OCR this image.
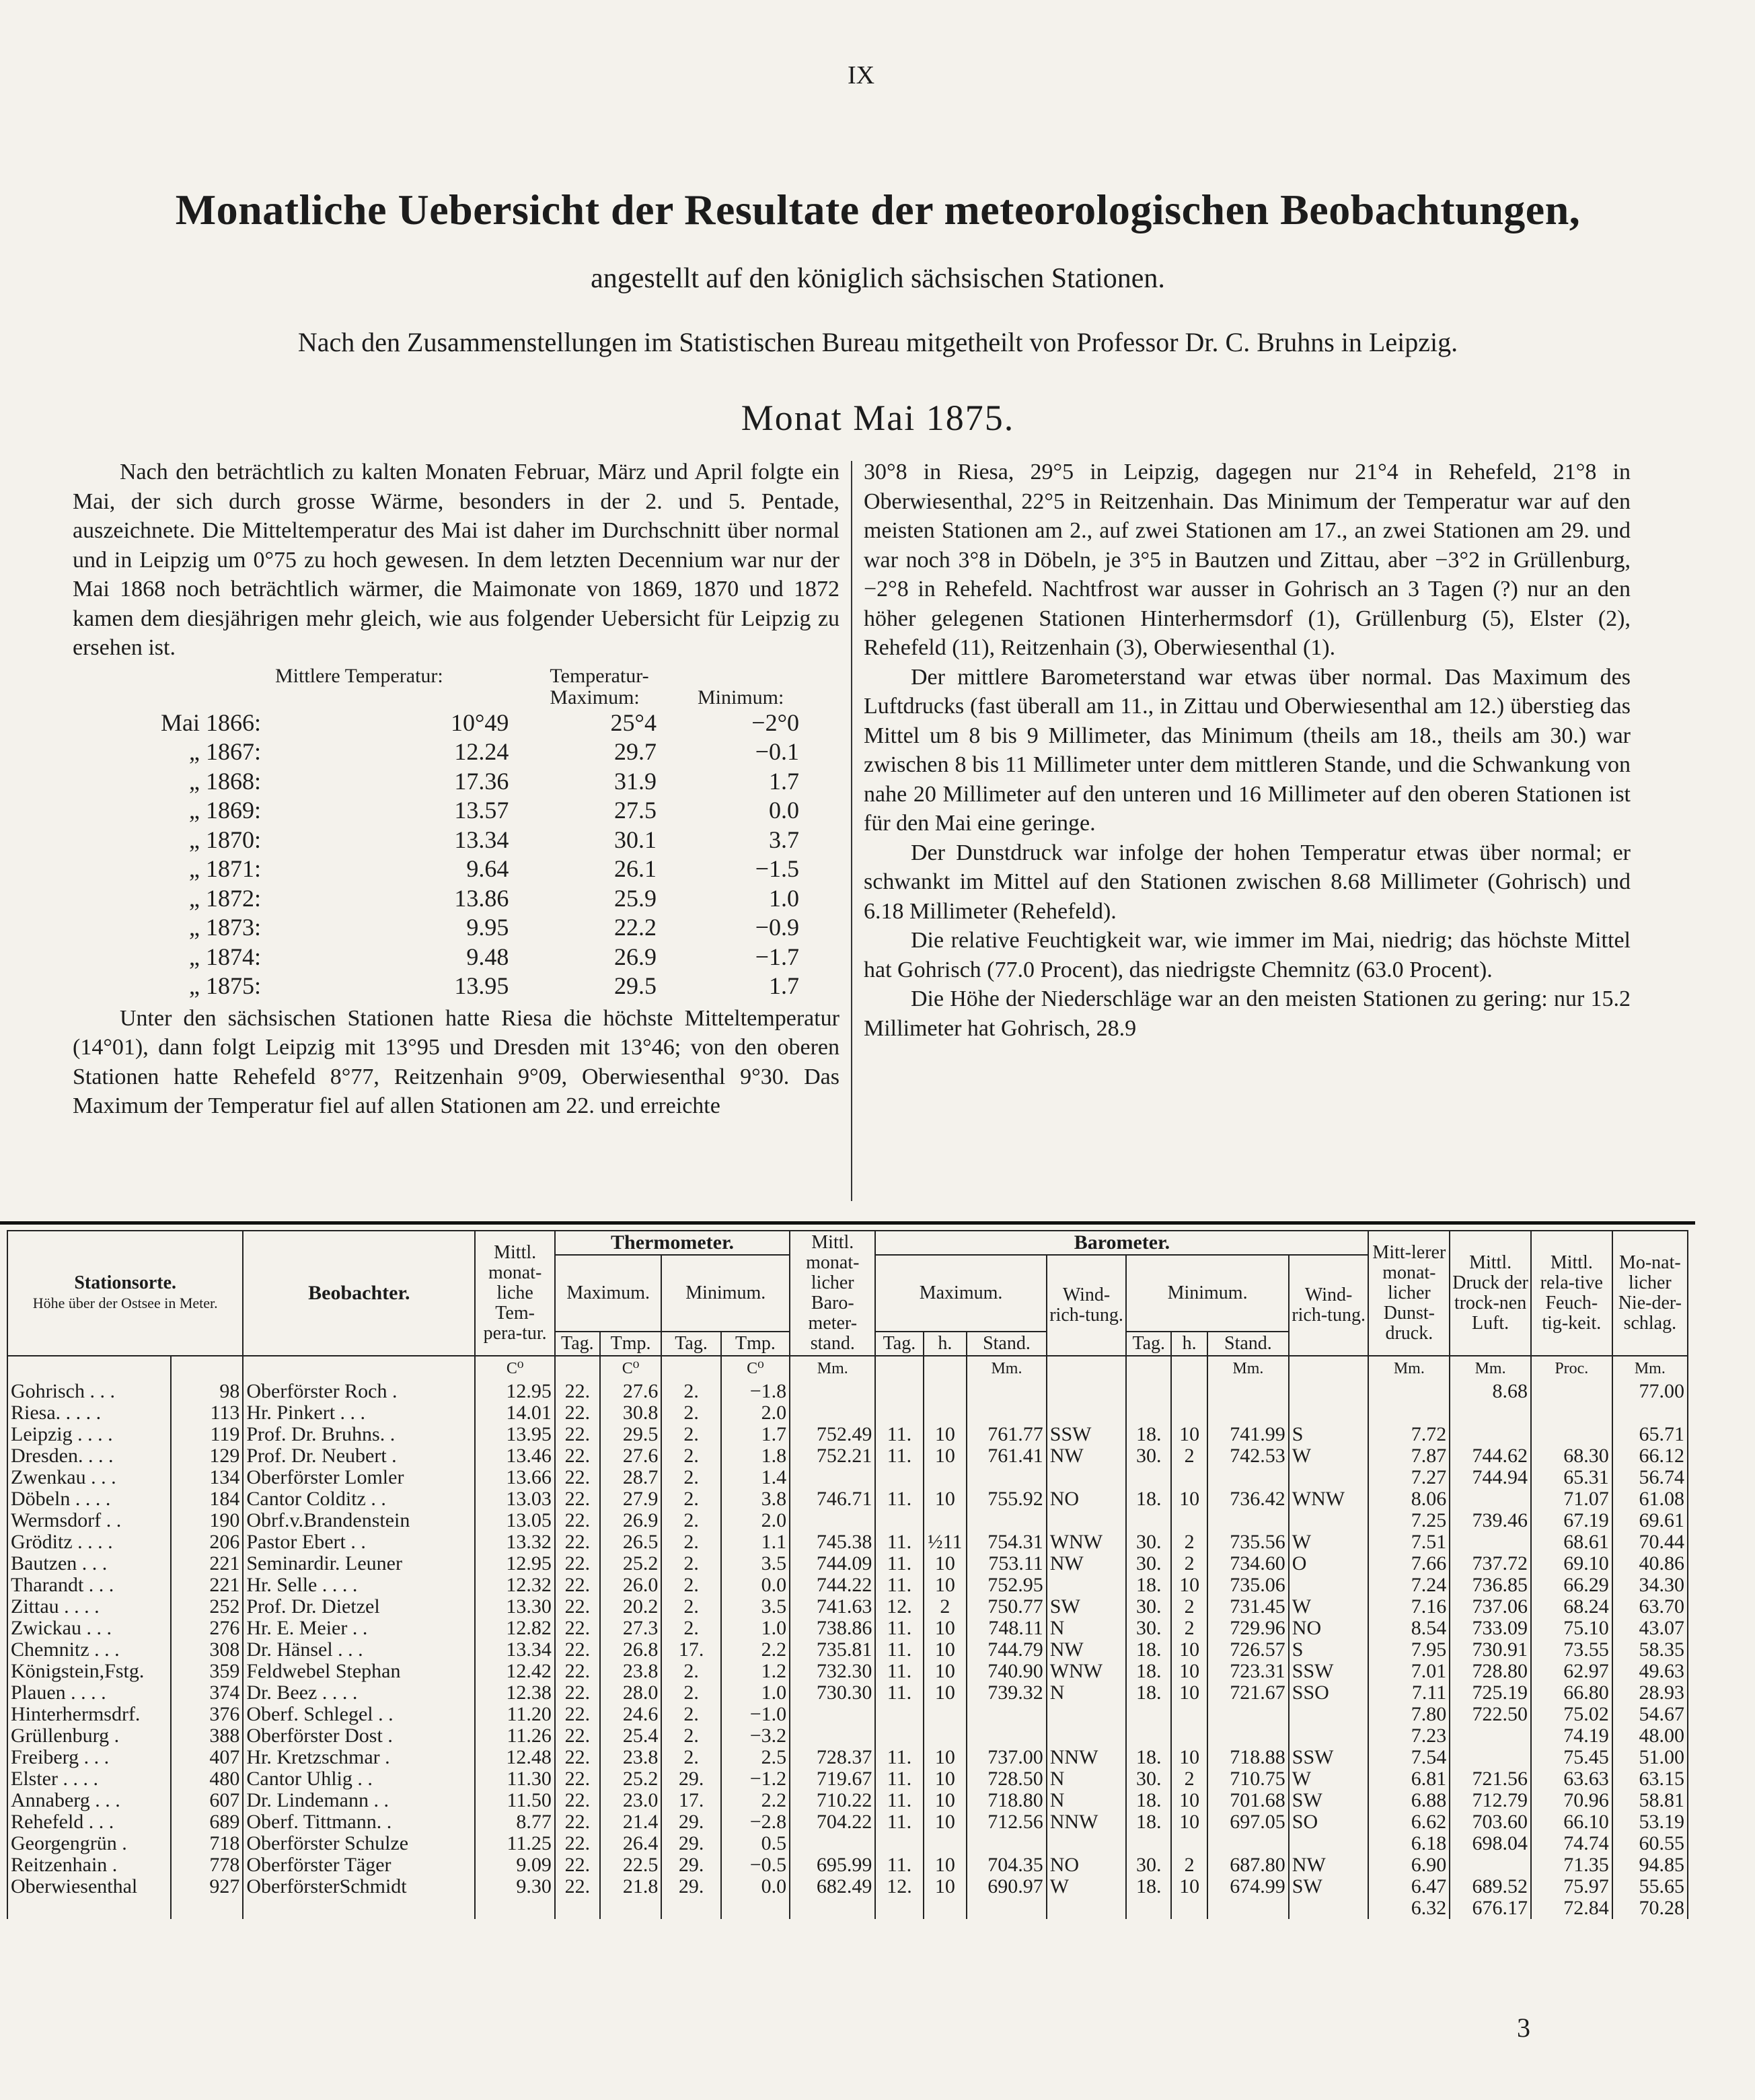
IX
Monatliche Uebersicht der Resultate der meteorologischen Beobachtungen,
angestellt auf den königlich sächsischen Stationen.
Nach den Zusammenstellungen im Statistischen Bureau mitgetheilt von Professor Dr. C. Bruhns in Leipzig.
Monat Mai 1875.

Nach den beträchtlich zu kalten Monaten Februar, März und April folgte ein Mai, der sich durch grosse Wärme, besonders in der 2. und 5. Pentade, auszeichnete. Die Mitteltemperatur des Mai ist daher im Durchschnitt über normal und in Leipzig um 0°75 zu hoch gewesen. In dem letzten Decennium war nur der Mai 1868 noch beträchtlich wärmer, die Maimonate von 1869, 1870 und 1872 kamen dem diesjährigen mehr gleich, wie aus folgender Uebersicht für Leipzig zu ersehen ist.

	Mittlere Temperatur:	Temperatur-	
		Maximum:	Minimum:
Mai 1866:	10°49	25°4	−2°0
„ 1867:	12.24	29.7	−0.1
„ 1868:	17.36	31.9	1.7
„ 1869:	13.57	27.5	0.0
„ 1870:	13.34	30.1	3.7
„ 1871:	9.64	26.1	−1.5
„ 1872:	13.86	25.9	1.0
„ 1873:	9.95	22.2	−0.9
„ 1874:	9.48	26.9	−1.7
„ 1875:	13.95	29.5	1.7

Unter den sächsischen Stationen hatte Riesa die höchste Mitteltemperatur (14°01), dann folgt Leipzig mit 13°95 und Dresden mit 13°46; von den oberen Stationen hatte Rehefeld 8°77, Reitzenhain 9°09, Oberwiesenthal 9°30. Das Maximum der Temperatur fiel auf allen Stationen am 22. und erreichte

30°8 in Riesa, 29°5 in Leipzig, dagegen nur 21°4 in Rehefeld, 21°8 in Oberwiesenthal, 22°5 in Reitzenhain. Das Minimum der Temperatur war auf den meisten Stationen am 2., auf zwei Stationen am 17., an zwei Stationen am 29. und war noch 3°8 in Döbeln, je 3°5 in Bautzen und Zittau, aber −3°2 in Grüllenburg, −2°8 in Rehefeld. Nachtfrost war ausser in Gohrisch an 3 Tagen (?) nur an den höher gelegenen Stationen Hinterhermsdorf (1), Grüllenburg (5), Elster (2), Rehefeld (11), Reitzenhain (3), Oberwiesenthal (1).

Der mittlere Barometerstand war etwas über normal. Das Maximum des Luftdrucks (fast überall am 11., in Zittau und Oberwiesenthal am 12.) überstieg das Mittel um 8 bis 9 Millimeter, das Minimum (theils am 18., theils am 30.) war zwischen 8 bis 11 Millimeter unter dem mittleren Stande, und die Schwankung von nahe 20 Millimeter auf den unteren und 16 Millimeter auf den oberen Stationen ist für den Mai eine geringe.

Der Dunstdruck war infolge der hohen Temperatur etwas über normal; er schwankt im Mittel auf den Stationen zwischen 8.68 Millimeter (Gohrisch) und 6.18 Millimeter (Rehefeld).

Die relative Feuchtigkeit war, wie immer im Mai, niedrig; das höchste Mittel hat Gohrisch (77.0 Procent), das niedrigste Chemnitz (63.0 Procent).

Die Höhe der Niederschläge war an den meisten Stationen zu gering: nur 15.2 Millimeter hat Gohrisch, 28.9

Stationsorte.
Höhe über der Ostsee in Meter.		Beobachter.	Mittl. monat-liche Tem-pera-tur.	Thermometer.				Mittl. monat-licher Baro-meter-stand.	Barometer.								Mitt-lerer monat-licher Dunst-druck.	Mittl. Druck der trock-nen Luft.	Mittl. rela-tive Feuch-tig-keit.	Mo-nat-licher Nie-der-schlag.
				Maximum.		Minimum.			Maximum.			Wind-rich-tung.	Minimum.			Wind-rich-tung.				
				Tag.	Tmp.	Tag.	Tmp.		Tag.	h.	Stand.		Tag.	h.	Stand.					
			C⁰		C⁰		C⁰	Mm.			Mm.				Mm.		Mm.	Mm.	Proc.	Mm.
Gohrisch . . .	98	Oberförster Roch .	12.95	22.	27.6	2.	−1.8											8.68		77.00
Riesa. . . . .	113	Hr. Pinkert . . .	14.01	22.	30.8	2.	2.0													
Leipzig . . . .	119	Prof. Dr. Bruhns. .	13.95	22.	29.5	2.	1.7	752.49	11.	10	761.77	SSW	18.	10	741.99	S	7.72			65.71
Dresden. . . .	129	Prof. Dr. Neubert .	13.46	22.	27.6	2.	1.8	752.21	11.	10	761.41	NW	30.	2	742.53	W	7.87	744.62	68.30	66.12
Zwenkau . . .	134	Oberförster Lomler	13.66	22.	28.7	2.	1.4										7.27	744.94	65.31	56.74
Döbeln . . . .	184	Cantor Colditz . .	13.03	22.	27.9	2.	3.8	746.71	11.	10	755.92	NO	18.	10	736.42	WNW	8.06		71.07	61.08
Wermsdorf . .	190	Obrf.v.Brandenstein	13.05	22.	26.9	2.	2.0										7.25	739.46	67.19	69.61
Gröditz . . . .	206	Pastor Ebert . .	13.32	22.	26.5	2.	1.1	745.38	11.	½11	754.31	WNW	30.	2	735.56	W	7.51		68.61	70.44
Bautzen . . .	221	Seminardir. Leuner	12.95	22.	25.2	2.	3.5	744.09	11.	10	753.11	NW	30.	2	734.60	O	7.66	737.72	69.10	40.86
Tharandt . . .	221	Hr. Selle . . . .	12.32	22.	26.0	2.	0.0	744.22	11.	10	752.95		18.	10	735.06		7.24	736.85	66.29	34.30
Zittau . . . .	252	Prof. Dr. Dietzel	13.30	22.	20.2	2.	3.5	741.63	12.	2	750.77	SW	30.	2	731.45	W	7.16	737.06	68.24	63.70
Zwickau . . .	276	Hr. E. Meier . .	12.82	22.	27.3	2.	1.0	738.86	11.	10	748.11	N	30.	2	729.96	NO	8.54	733.09	75.10	43.07
Chemnitz . . .	308	Dr. Hänsel . . .	13.34	22.	26.8	17.	2.2	735.81	11.	10	744.79	NW	18.	10	726.57	S	7.95	730.91	73.55	58.35
Königstein,Fstg.	359	Feldwebel Stephan	12.42	22.	23.8	2.	1.2	732.30	11.	10	740.90	WNW	18.	10	723.31	SSW	7.01	728.80	62.97	49.63
Plauen . . . .	374	Dr. Beez . . . .	12.38	22.	28.0	2.	1.0	730.30	11.	10	739.32	N	18.	10	721.67	SSO	7.11	725.19	66.80	28.93
Hinterhermsdrf.	376	Oberf. Schlegel . .	11.20	22.	24.6	2.	−1.0										7.80	722.50	75.02	54.67
Grüllenburg .	388	Oberförster Dost .	11.26	22.	25.4	2.	−3.2										7.23		74.19	48.00
Freiberg . . .	407	Hr. Kretzschmar .	12.48	22.	23.8	2.	2.5	728.37	11.	10	737.00	NNW	18.	10	718.88	SSW	7.54		75.45	51.00
Elster . . . .	480	Cantor Uhlig . .	11.30	22.	25.2	29.	−1.2	719.67	11.	10	728.50	N	30.	2	710.75	W	6.81	721.56	63.63	63.15
Annaberg . . .	607	Dr. Lindemann . .	11.50	22.	23.0	17.	2.2	710.22	11.	10	718.80	N	18.	10	701.68	SW	6.88	712.79	70.96	58.81
Rehefeld . . .	689	Oberf. Tittmann. .	8.77	22.	21.4	29.	−2.8	704.22	11.	10	712.56	NNW	18.	10	697.05	SO	6.62	703.60	66.10	53.19
Georgengrün .	718	Oberförster Schulze	11.25	22.	26.4	29.	0.5										6.18	698.04	74.74	60.55
Reitzenhain .	778	Oberförster Täger	9.09	22.	22.5	29.	−0.5	695.99	11.	10	704.35	NO	30.	2	687.80	NW	6.90		71.35	94.85
Oberwiesenthal	927	OberförsterSchmidt	9.30	22.	21.8	29.	0.0	682.49	12.	10	690.97	W	18.	10	674.99	SW	6.47	689.52	75.97	55.65
																	6.32	676.17	72.84	70.28
3
